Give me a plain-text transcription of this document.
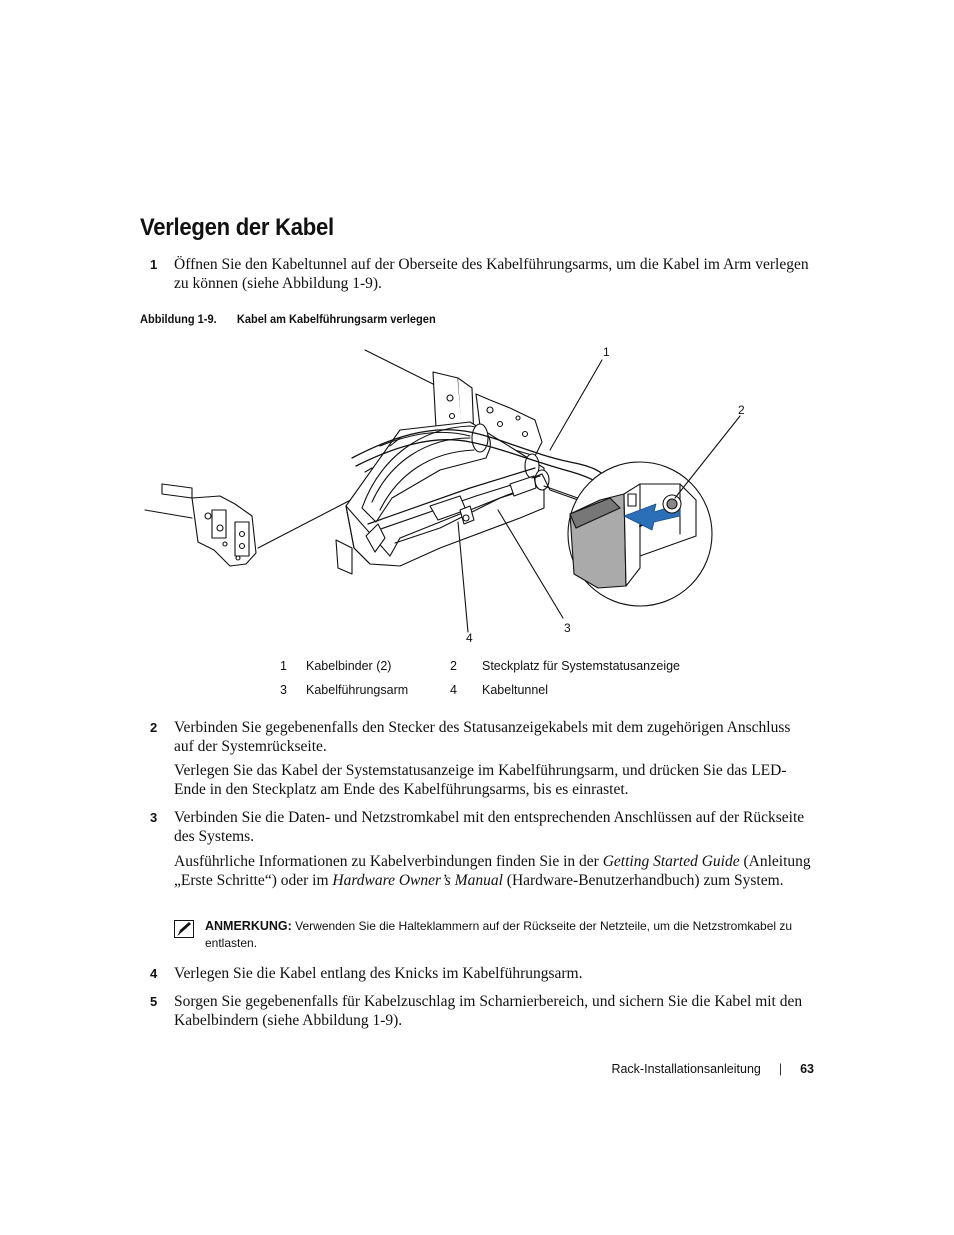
Verlegen der Kabel
1 Öffnen Sie den Kabeltunnel auf der Oberseite des Kabelführungsarms, um die Kabel im Arm verlegen zu können (siehe Abbildung 1-9).
Abbildung 1-9. Kabel am Kabelführungsarm verlegen
1
2
3
4
1 Kabelbinder (2)	2 Steckplatz für Systemstatusanzeige
3 Kabelführungsarm	4 Kabeltunnel
2 Verbinden Sie gegebenenfalls den Stecker des Statusanzeigekabels mit dem zugehörigen Anschluss auf der Systemrückseite.
Verlegen Sie das Kabel der Systemstatusanzeige im Kabelführungsarm, und drücken Sie das LED-Ende in den Steckplatz am Ende des Kabelführungsarms, bis es einrastet.
3 Verbinden Sie die Daten- und Netzstromkabel mit den entsprechenden Anschlüssen auf der Rückseite des Systems.
Ausführliche Informationen zu Kabelverbindungen finden Sie in der Getting Started Guide (Anleitung „Erste Schritte“) oder im Hardware Owner’s Manual (Hardware-Benutzerhandbuch) zum System.
ANMERKUNG: Verwenden Sie die Halteklammern auf der Rückseite der Netzteile, um die Netzstromkabel zu entlasten.
4 Verlegen Sie die Kabel entlang des Knicks im Kabelführungsarm.
5 Sorgen Sie gegebenenfalls für Kabelzuschlag im Scharnierbereich, und sichern Sie die Kabel mit den Kabelbindern (siehe Abbildung 1-9).
Rack-Installationsanleitung | 63
